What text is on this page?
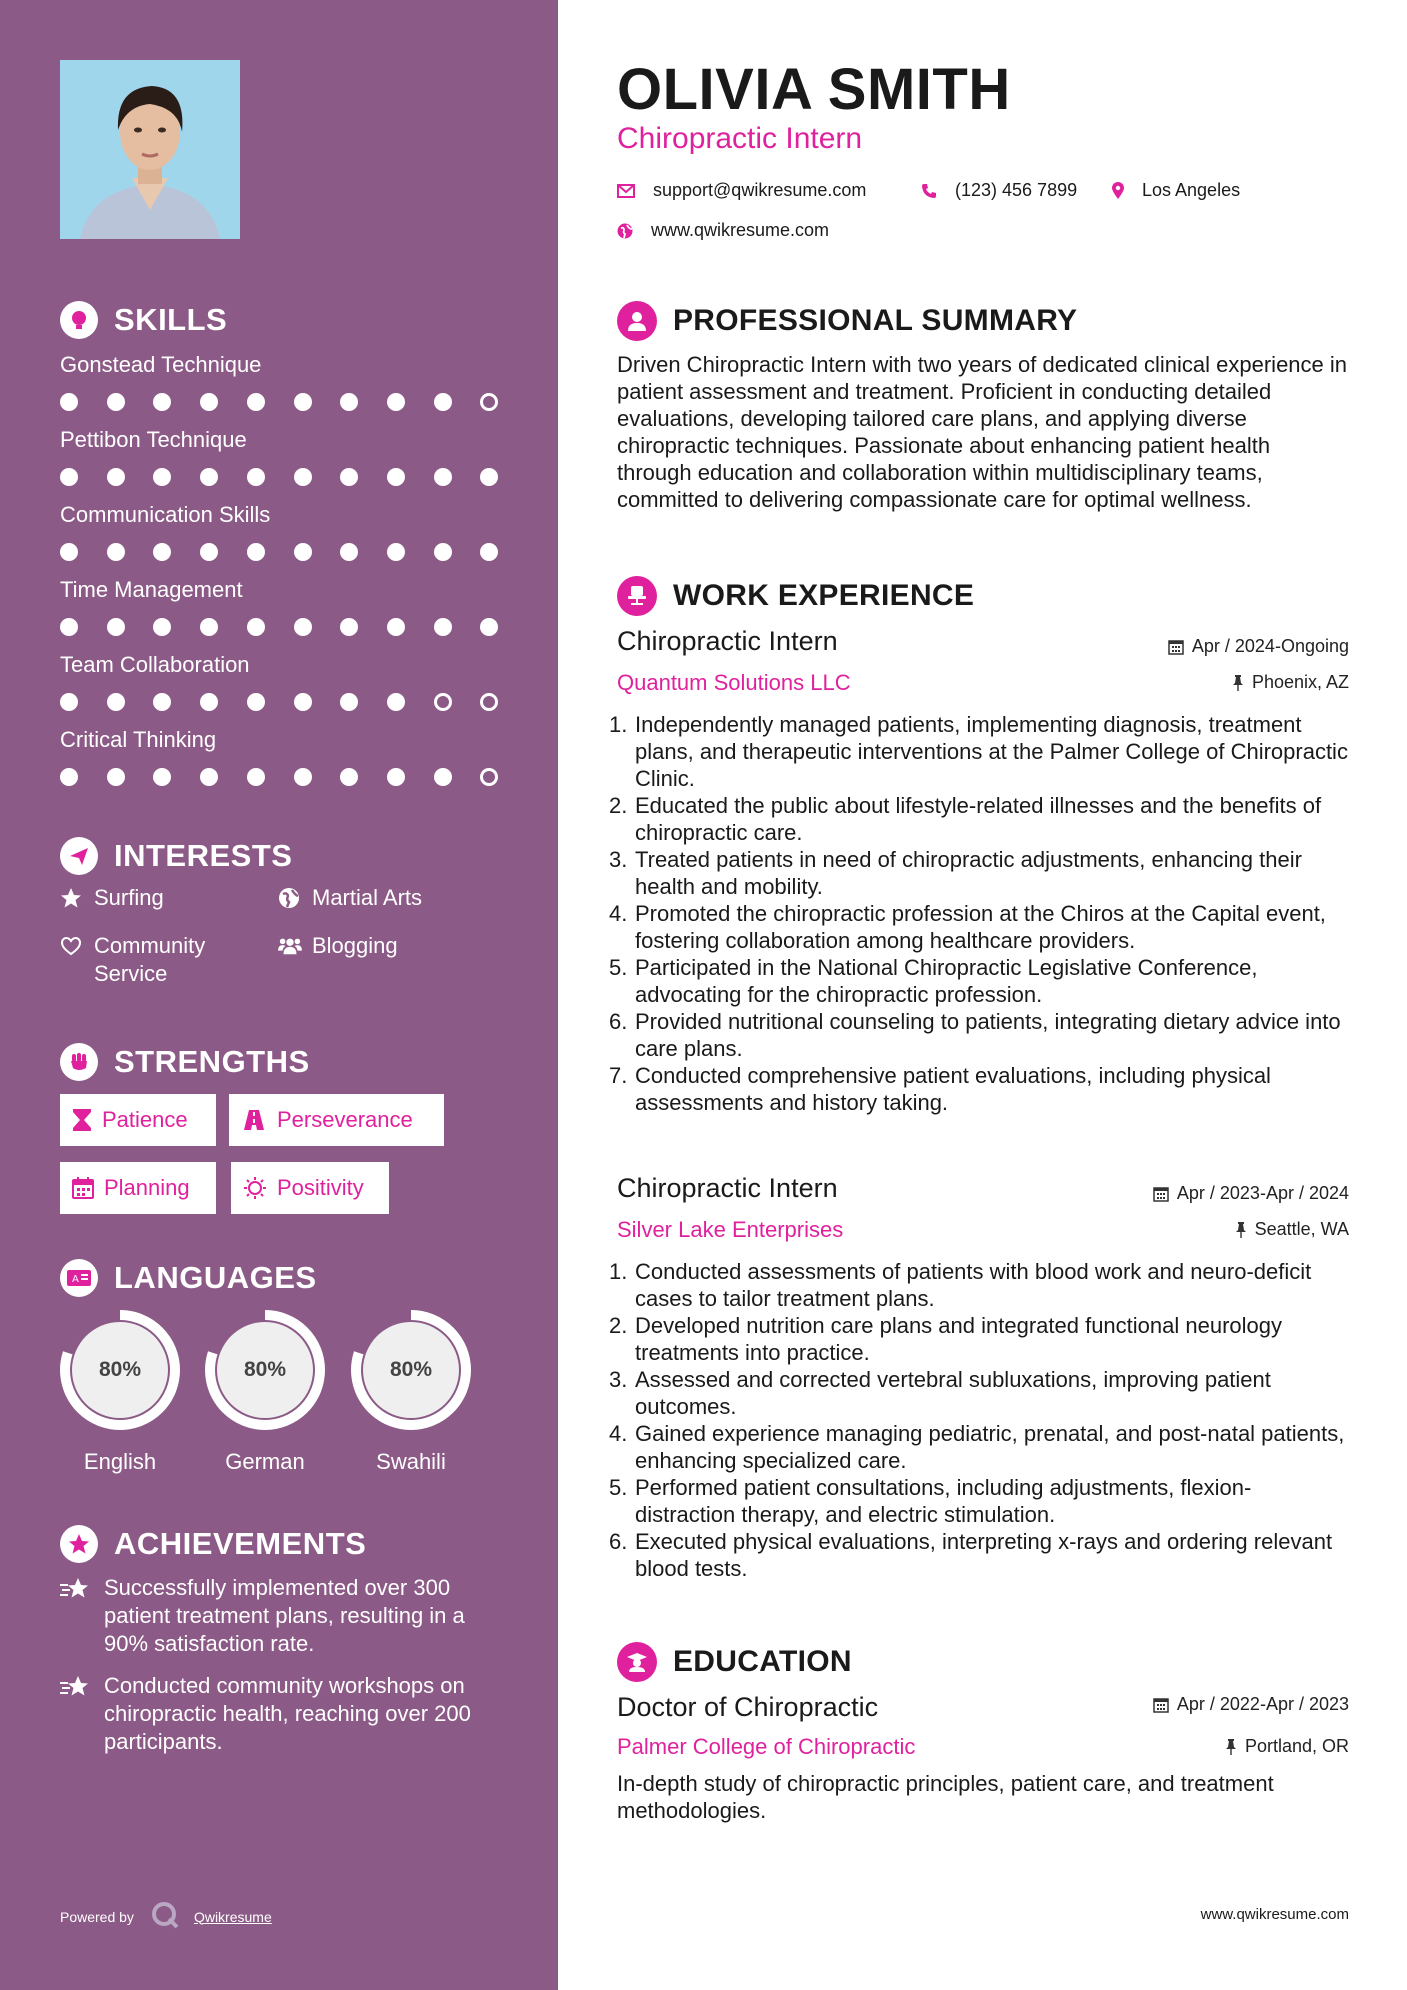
SKILLS
Gonstead Technique
Pettibon Technique
Communication Skills
Time Management
Team Collaboration
Critical Thinking
INTERESTS
Surfing	Martial Arts
Community Service
Blogging
STRENGTHS
Patience	Perseverance
Planning	Positivity
A LANGUAGES
80%
English
80%
German
80%
Swahili
ACHIEVEMENTS
Successfully implemented over 300 patient treatment plans, resulting in a 90% satisfaction rate.
Conducted community workshops on chiropractic health, reaching over 200 participants.
Powered by	Qwikresume
OLIVIA SMITH
Chiropractic Intern
support@qwikresume.com	(123) 456 7899	Los Angeles
www.qwikresume.com
PROFESSIONAL SUMMARY
Driven Chiropractic Intern with two years of dedicated clinical experience in patient assessment and treatment. Proficient in conducting detailed evaluations, developing tailored care plans, and applying diverse chiropractic techniques. Passionate about enhancing patient health through education and collaboration within multidisciplinary teams, committed to delivering compassionate care for optimal wellness.
WORK EXPERIENCE
Chiropractic Intern	Apr / 2024-Ongoing
Quantum Solutions LLC	Phoenix, AZ
1. Independently managed patients, implementing diagnosis, treatment plans, and therapeutic interventions at the Palmer College of Chiropractic Clinic.
2. Educated the public about lifestyle-related illnesses and the benefits of chiropractic care.
3. Treated patients in need of chiropractic adjustments, enhancing their health and mobility.
4. Promoted the chiropractic profession at the Chiros at the Capital event, fostering collaboration among healthcare providers.
5. Participated in the National Chiropractic Legislative Conference, advocating for the chiropractic profession.
6. Provided nutritional counseling to patients, integrating dietary advice into care plans.
7. Conducted comprehensive patient evaluations, including physical assessments and history taking.
Chiropractic Intern	Apr / 2023-Apr / 2024
Silver Lake Enterprises	Seattle, WA
1. Conducted assessments of patients with blood work and neuro-deficit cases to tailor treatment plans.
2. Developed nutrition care plans and integrated functional neurology treatments into practice.
3. Assessed and corrected vertebral subluxations, improving patient outcomes.
4. Gained experience managing pediatric, prenatal, and post-natal patients, enhancing specialized care.
5. Performed patient consultations, including adjustments, flexion-distraction therapy, and electric stimulation.
6. Executed physical evaluations, interpreting x-rays and ordering relevant blood tests.
EDUCATION
Doctor of Chiropractic	Apr / 2022-Apr / 2023
Palmer College of Chiropractic	Portland, OR
In-depth study of chiropractic principles, patient care, and treatment methodologies.
www.qwikresume.com
